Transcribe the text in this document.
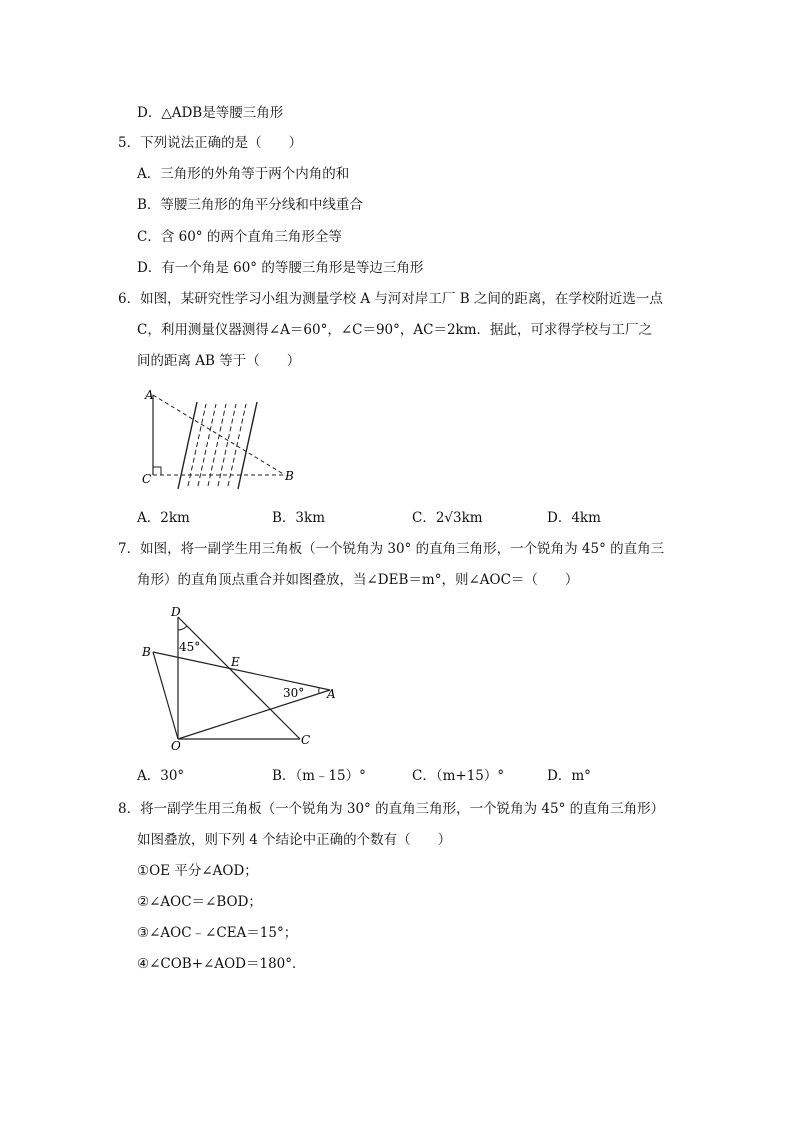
D．△ADB是等腰三角形
5．下列说法正确的是（　　）
A．三角形的外角等于两个内角的和
B．等腰三角形的角平分线和中线重合
C．含 60° 的两个直角三角形全等
D．有一个角是 60° 的等腰三角形是等边三角形
6．如图，某研究性学习小组为测量学校 A 与河对岸工厂 B 之间的距离，在学校附近选一点
C，利用测量仪器测得∠A＝60°，∠C＝90°，AC＝2km．据此，可求得学校与工厂之
间的距离 AB 等于（　　）
A
C	B
A．2km	B．3km	C．2√3km	D．4km
7．如图，将一副学生用三角板（一个锐角为 30° 的直角三角形，一个锐角为 45° 的直角三
角形）的直角顶点重合并如图叠放，当∠DEB＝m°，则∠AOC＝（　　）
D
B
E
A
O	C
45°
30°
A．30°	B．（m﹣15）°	C．（m+15）°	D．m°
8．将一副学生用三角板（一个锐角为 30° 的直角三角形，一个锐角为 45° 的直角三角形）
如图叠放，则下列 4 个结论中正确的个数有（　　）
①OE 平分∠AOD；
②∠AOC＝∠BOD；
③∠AOC﹣∠CEA＝15°；
④∠COB+∠AOD＝180°．
